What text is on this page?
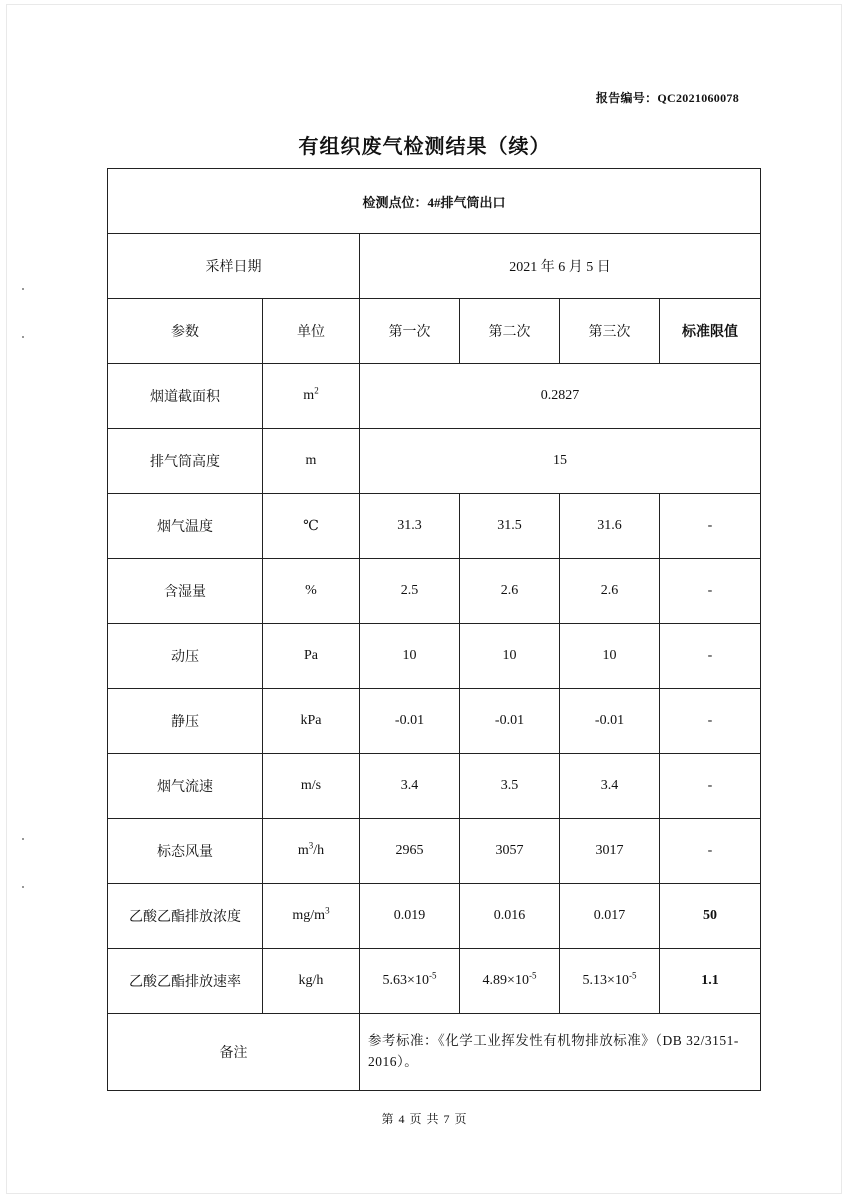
报告编号：QC2021060078
有组织废气检测结果（续）
检测点位：4#排气筒出口					
采样日期		2021 年 6 月 5 日			
参数	单位	第一次	第二次	第三次	标准限值
烟道截面积	$m^2$	0.2827			
排气筒高度	m	15			
烟气温度	℃	31.3	31.5	31.6	-
含湿量	%	2.5	2.6	2.6	-
动压	Pa	10	10	10	-
静压	kPa	-0.01	-0.01	-0.01	-
烟气流速	m/s	3.4	3.5	3.4	-
标态风量	$m^3/h$	2965	3057	3017	-
乙酸乙酯排放浓度	$mg/m^3$	0.019	0.016	0.017	50
乙酸乙酯排放速率	kg/h	$5.63\times 10^{-5}$	$4.89\times 10^{-5}$	$5.13\times 10^{-5}$	1.1
备注		参考标准：《化学工业挥发性有机物排放标准》（DB 32/3151-2016）。			
第 4 页 共 7 页
